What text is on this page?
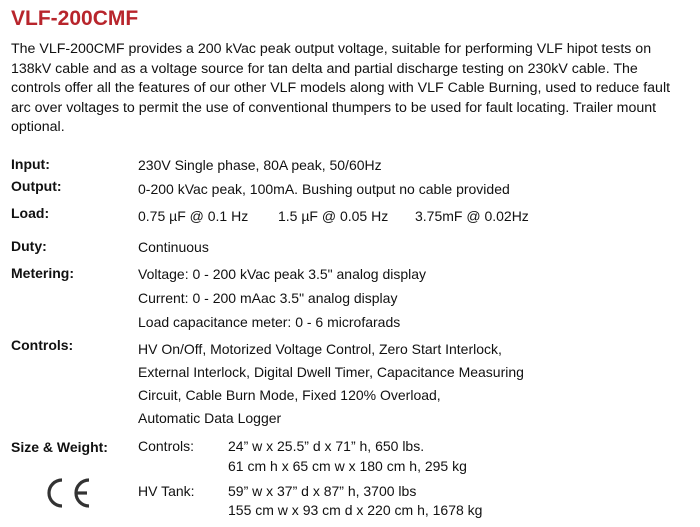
VLF-200CMF
The VLF-200CMF provides a 200 kVac peak output voltage, suitable for performing VLF hipot tests on 138kV cable and as a voltage source for tan delta and partial discharge testing on 230kV cable. The controls offer all the features of our other VLF models along with VLF Cable Burning, used to reduce fault arc over voltages to permit the use of conventional thumpers to be used for fault locating. Trailer mount optional.
Input:	230V Single phase, 80A peak, 50/60Hz
Output:	0-200 kVac peak, 100mA. Bushing output no cable provided
Load:	0.75 µF @ 0.1 Hz 1.5 µF @ 0.05 Hz 3.75mF @ 0.02Hz
Duty:	Continuous
Metering:	Voltage: 0 - 200 kVac peak 3.5" analog display
Current: 0 - 200 mAac 3.5" analog display
Load capacitance meter: 0 - 6 microfarads
Controls:	HV On/Off, Motorized Voltage Control, Zero Start Interlock,
External Interlock, Digital Dwell Timer, Capacitance Measuring
Circuit, Cable Burn Mode, Fixed 120% Overload,
Automatic Data Logger
Size & Weight: Controls: 24” w x 25.5” d x 71” h, 650 lbs.
61 cm h x 65 cm w x 180 cm h, 295 kg
HV Tank: 59” w x 37” d x 87” h, 3700 lbs
155 cm w x 93 cm d x 220 cm h, 1678 kg
